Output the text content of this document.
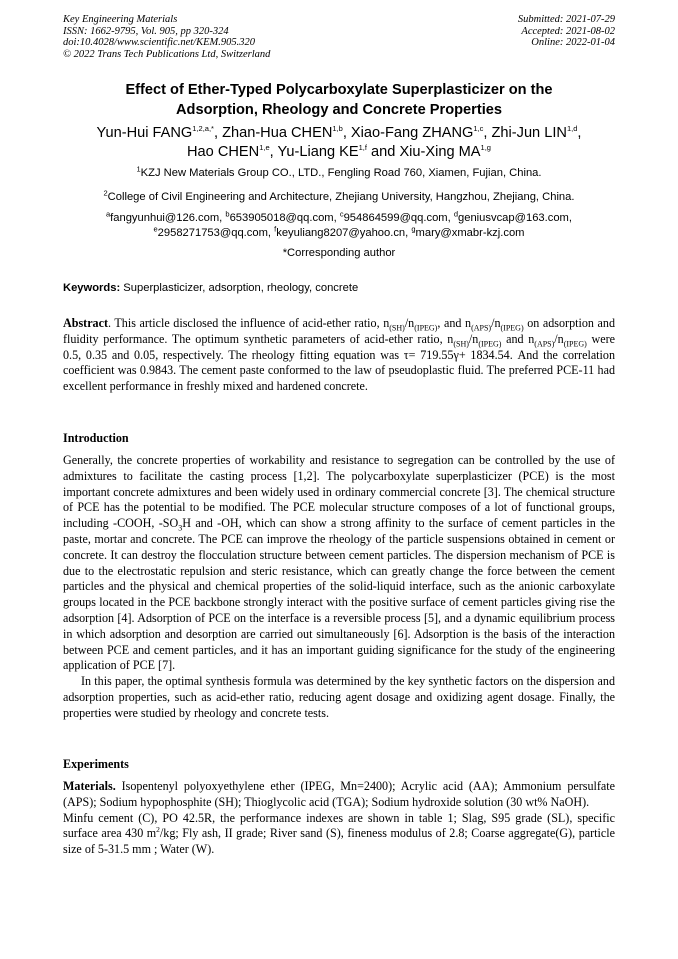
Key Engineering Materials
ISSN: 1662-9795, Vol. 905, pp 320-324
doi:10.4028/www.scientific.net/KEM.905.320
© 2022 Trans Tech Publications Ltd, Switzerland
Submitted: 2021-07-29
Accepted: 2021-08-02
Online: 2022-01-04
Effect of Ether-Typed Polycarboxylate Superplasticizer on the
Adsorption, Rheology and Concrete Properties
Yun-Hui $FANG^{1,2,a,*}$, Zhan-Hua CHEN$^{1,b}$, Xiao-Fang ZHANG$^{1,c}$, Zhi-Jun LIN$^{1,d}$,
Hao CHEN$^{1,e}$, Yu-Liang KE$^{1,f}$ and Xiu-Xing MA$^{1,g}$
$^1$KZJ New Materials Group CO., LTD., Fengling Road 760, Xiamen, Fujian, China.
$^2$College of Civil Engineering and Architecture, Zhejiang University, Hangzhou, Zhejiang, China.
$^a$fangyunhui@126.com, $^b$653905018@qq.com, $^c$954864599@qq.com, $^d$geniusvcap@163.com,
$^e$2958271753@qq.com, $^f$keyuliang8207@yahoo.cn, $^g$mary@xmabr-kzj.com
*Corresponding author
Keywords: Superplasticizer, adsorption, rheology, concrete
Abstract. This article disclosed the influence of acid-ether ratio, $n_{(SH)}/n_{(IPEG)}$, and $n_{(APS)}/n_{(IPEG)}$ on adsorption and fluidity performance. The optimum synthetic parameters of acid-ether ratio, $n_{(SH)}/n_{(IPEG)}$ and $n_{(APS)}/n_{(IPEG)}$ were 0.5, 0.35 and 0.05, respectively. The rheology fitting equation was τ= 719.55γ+ 1834.54. And the correlation coefficient was 0.9843. The cement paste conformed to the law of pseudoplastic fluid. The preferred PCE-11 had excellent performance in freshly mixed and hardened concrete.
Introduction

Generally, the concrete properties of workability and resistance to segregation can be controlled by the use of admixtures to facilitate the casting process [1,2]. The polycarboxylate superplasticizer (PCE) is the most important concrete admixtures and been widely used in ordinary commercial concrete [3]. The chemical structure of PCE has the potential to be modified. The PCE molecular structure composes of a lot of functional groups, including -COOH, $-SO_3H$ and -OH, which can show a strong affinity to the surface of cement particles in the paste, mortar and concrete. The PCE can improve the rheology of the particle suspensions obtained in cement or concrete. It can destroy the flocculation structure between cement particles. The dispersion mechanism of PCE is due to the electrostatic repulsion and steric resistance, which can greatly change the force between the cement particles and the physical and chemical properties of the solid-liquid interface, such as the anionic carboxylate groups located in the PCE backbone strongly interact with the positive surface of cement particles giving rise the adsorption [4]. Adsorption of PCE on the interface is a reversible process [5], and a dynamic equilibrium process in which adsorption and desorption are carried out simultaneously [6]. Adsorption is the basis of the interaction between PCE and cement particles, and it has an important guiding significance for the study of the engineering application of PCE [7].

In this paper, the optimal synthesis formula was determined by the key synthetic factors on the dispersion and adsorption properties, such as acid-ether ratio, reducing agent dosage and oxidizing agent dosage. Finally, the properties were studied by rheology and concrete tests.

Experiments

Materials. Isopentenyl polyoxyethylene ether (IPEG, Mn=2400); Acrylic acid (AA); Ammonium persulfate (APS); Sodium hypophosphite (SH); Thioglycolic acid (TGA); Sodium hydroxide solution (30 wt% NaOH).

Minfu cement (C), PO 42.5R, the performance indexes are shown in table 1; Slag, S95 grade (SL), specific surface area 430 $m^2/kg$; Fly ash, II grade; River sand (S), fineness modulus of 2.8; Coarse aggregate(G), particle size of 5-31.5 mm ; Water (W).
